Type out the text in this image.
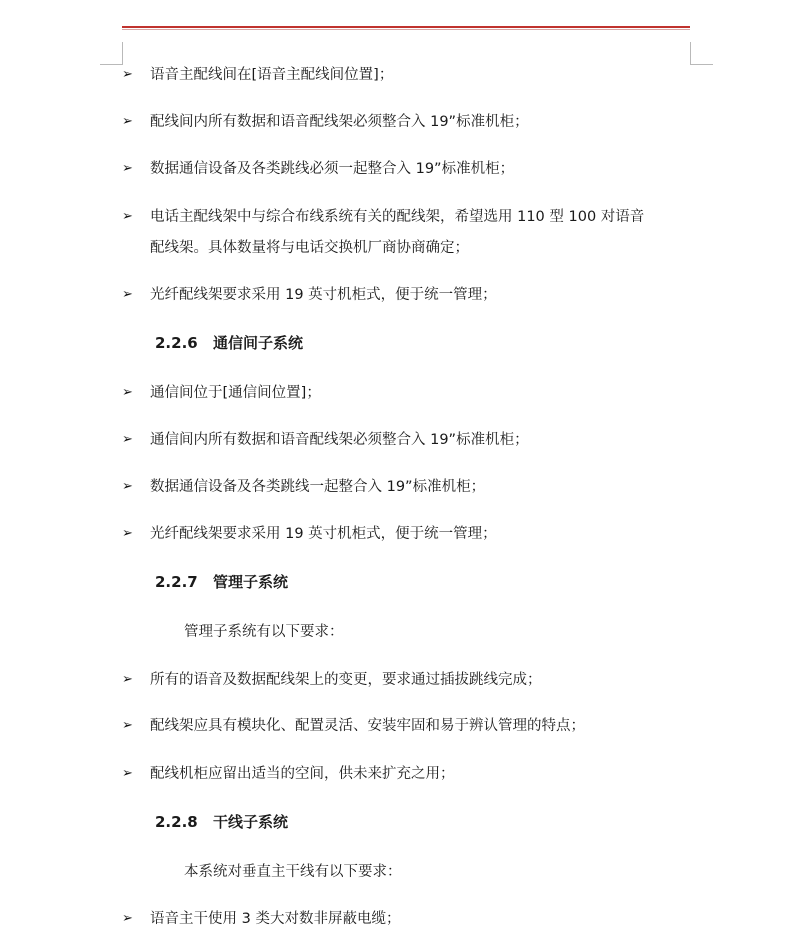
➢ 语音主配线间在[语音主配线间位置]；
➢ 配线间内所有数据和语音配线架必须整合入 19”标准机柜；
➢ 数据通信设备及各类跳线必须一起整合入 19”标准机柜；
➢ 电话主配线架中与综合布线系统有关的配线架，希望选用 110 型 100 对语音
配线架。具体数量将与电话交换机厂商协商确定；
➢ 光纤配线架要求采用 19 英寸机柜式，便于统一管理；
2.2.6 通信间子系统
➢ 通信间位于[通信间位置]；
➢ 通信间内所有数据和语音配线架必须整合入 19”标准机柜；
➢ 数据通信设备及各类跳线一起整合入 19”标准机柜；
➢ 光纤配线架要求采用 19 英寸机柜式，便于统一管理；
2.2.7 管理子系统
管理子系统有以下要求：
➢ 所有的语音及数据配线架上的变更，要求通过插拔跳线完成；
➢ 配线架应具有模块化、配置灵活、安装牢固和易于辨认管理的特点；
➢ 配线机柜应留出适当的空间，供未来扩充之用；
2.2.8 干线子系统
本系统对垂直主干线有以下要求：
➢ 语音主干使用 3 类大对数非屏蔽电缆；
